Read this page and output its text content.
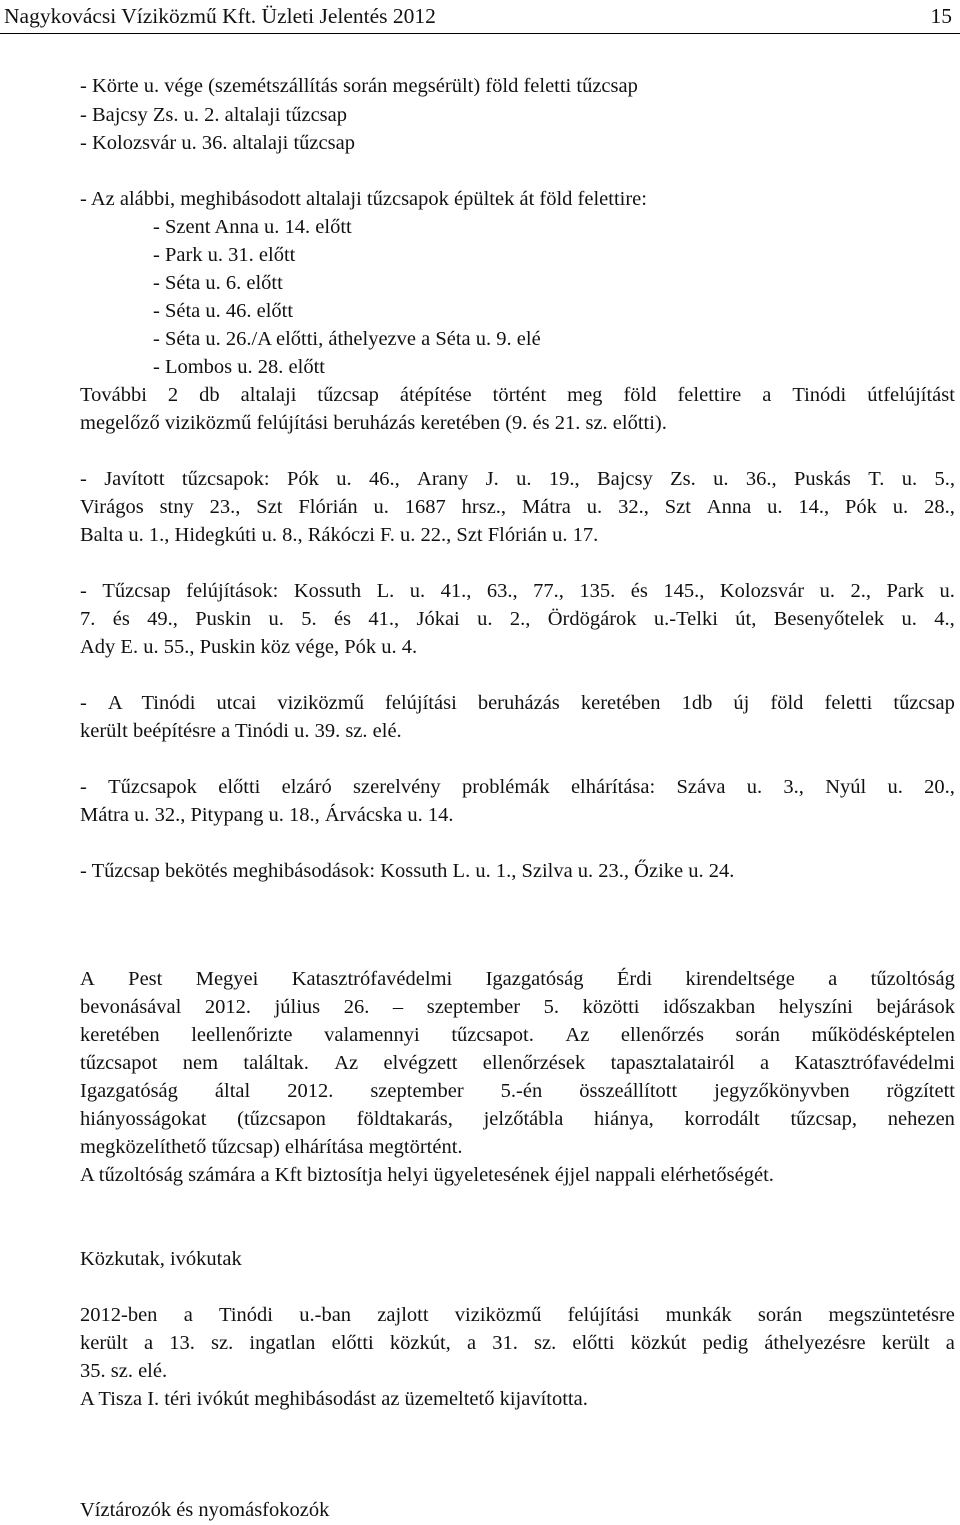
Nagykovácsi Víziközmű Kft. Üzleti Jelentés 2012	15
- Körte u. vége (szemétszállítás során megsérült) föld feletti tűzcsap
- Bajcsy Zs. u. 2. altalaji tűzcsap
- Kolozsvár u. 36. altalaji tűzcsap
- Az alábbi, meghibásodott altalaji tűzcsapok épültek át föld felettire:
- Szent Anna u. 14. előtt
- Park u. 31. előtt
- Séta u. 6. előtt
- Séta u. 46. előtt
- Séta u. 26./A előtti, áthelyezve a Séta u. 9. elé
- Lombos u. 28. előtt
További 2 db altalaji tűzcsap átépítése történt meg föld felettire a Tinódi útfelújítást
megelőző viziközmű felújítási beruházás keretében (9. és 21. sz. előtti).
- Javított tűzcsapok: Pók u. 46., Arany J. u. 19., Bajcsy Zs. u. 36., Puskás T. u. 5.,
Virágos stny 23., Szt Flórián u. 1687 hrsz., Mátra u. 32., Szt Anna u. 14., Pók u. 28.,
Balta u. 1., Hidegkúti u. 8., Rákóczi F. u. 22., Szt Flórián u. 17.
- Tűzcsap felújítások: Kossuth L. u. 41., 63., 77., 135. és 145., Kolozsvár u. 2., Park u.
7. és 49., Puskin u. 5. és 41., Jókai u. 2., Ördögárok u.-Telki út, Besenyőtelek u. 4.,
Ady E. u. 55., Puskin köz vége, Pók u. 4.
- A Tinódi utcai viziközmű felújítási beruházás keretében 1db új föld feletti tűzcsap
került beépítésre a Tinódi u. 39. sz. elé.
- Tűzcsapok előtti elzáró szerelvény problémák elhárítása: Száva u. 3., Nyúl u. 20.,
Mátra u. 32., Pitypang u. 18., Árvácska u. 14.
- Tűzcsap bekötés meghibásodások: Kossuth L. u. 1., Szilva u. 23., Őzike u. 24.
A Pest Megyei Katasztrófavédelmi Igazgatóság Érdi kirendeltsége a tűzoltóság
bevonásával 2012. július 26. – szeptember 5. közötti időszakban helyszíni bejárások
keretében leellenőrizte valamennyi tűzcsapot. Az ellenőrzés során működésképtelen
tűzcsapot nem találtak. Az elvégzett ellenőrzések tapasztalatairól a Katasztrófavédelmi
Igazgatóság által 2012. szeptember 5.-én összeállított jegyzőkönyvben rögzített
hiányosságokat (tűzcsapon földtakarás, jelzőtábla hiánya, korrodált tűzcsap, nehezen
megközelíthető tűzcsap) elhárítása megtörtént.
A tűzoltóság számára a Kft biztosítja helyi ügyeletesének éjjel nappali elérhetőségét.
Közkutak, ivókutak
2012-ben a Tinódi u.-ban zajlott viziközmű felújítási munkák során megszüntetésre
került a 13. sz. ingatlan előtti közkút, a 31. sz. előtti közkút pedig áthelyezésre került a
35. sz. elé.
A Tisza I. téri ivókút meghibásodást az üzemeltető kijavította.
Víztározók és nyomásfokozók
